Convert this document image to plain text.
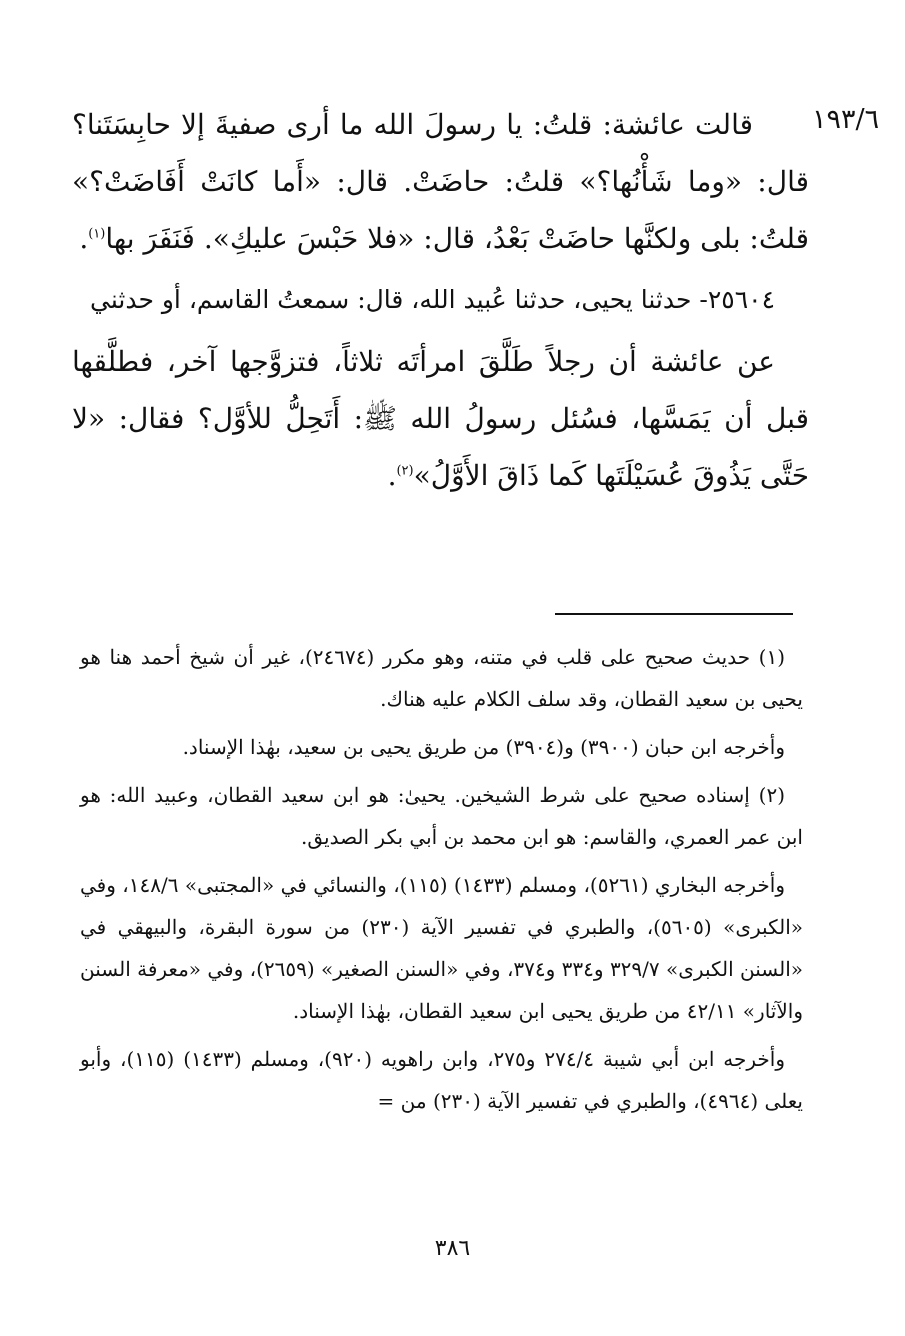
١٩٣/٦

قالت عائشة: قلتُ: يا رسولَ الله ما أرى صفيةَ إلا حابِسَتَنا؟ قال: «وما شَأْنُها؟» قلتُ: حاضَتْ. قال: «أَما كانَتْ أَفَاضَتْ؟» قلتُ: بلى ولكنَّها حاضَتْ بَعْدُ، قال: «فلا حَبْسَ عليكِ». فَنَفَرَ بها$^{(١)}$.

٢٥٦٠٤- حدثنا يحيى، حدثنا عُبيد الله، قال: سمعتُ القاسم، أو حدثني

عن عائشة أن رجلاً طَلَّقَ امرأتَه ثلاثاً، فتزوَّجها آخر، فطلَّقها قبل أن يَمَسَّها، فسُئل رسولُ الله ﷺ: أَتَحِلُّ للأوَّل؟ فقال: «لا حَتَّى يَذُوقَ عُسَيْلَتَها كَما ذَاقَ الأَوَّلُ»$^{(٢)}$.

(١) حديث صحيح على قلب في متنه، وهو مكرر (٢٤٦٧٤)، غير أن شيخ أحمد هنا هو يحيى بن سعيد القطان، وقد سلف الكلام عليه هناك.

وأخرجه ابن حبان (٣٩٠٠) و(٣٩٠٤) من طريق يحيى بن سعيد، بهٰذا الإسناد.

(٢) إسناده صحيح على شرط الشيخين. يحيىٰ: هو ابن سعيد القطان، وعبيد الله: هو ابن عمر العمري، والقاسم: هو ابن محمد بن أبي بكر الصديق.

وأخرجه البخاري (٥٢٦١)، ومسلم (١٤٣٣) (١١٥)، والنسائي في «المجتبى» ١٤٨/٦، وفي «الكبرى» (٥٦٠٥)، والطبري في تفسير الآية (٢٣٠) من سورة البقرة، والبيهقي في «السنن الكبرى» ٣٢٩/٧ و٣٣٤ و٣٧٤، وفي «السنن الصغير» (٢٦٥٩)، وفي «معرفة السنن والآثار» ٤٢/١١ من طريق يحيى ابن سعيد القطان، بهٰذا الإسناد.

وأخرجه ابن أبي شيبة ٢٧٤/٤ و٢٧٥، وابن راهويه (٩٢٠)، ومسلم (١٤٣٣) (١١٥)، وأبو يعلى (٤٩٦٤)، والطبري في تفسير الآية (٢٣٠) من =

٣٨٦
